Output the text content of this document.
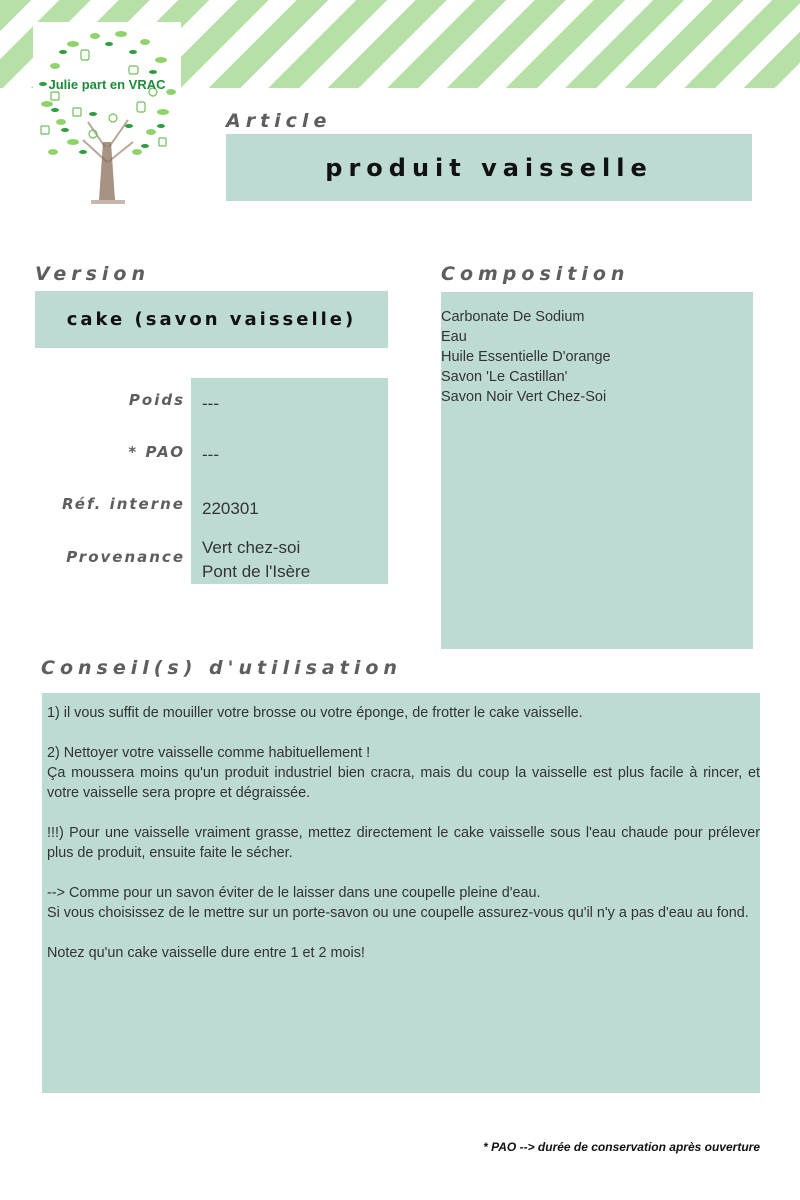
Julie part en VRAC
Article
produit vaisselle
Version
cake (savon vaisselle)
Poids ---
* PAO ---
Réf. interne 220301
Provenance Vert chez-soi
Pont de l'Isère
Composition
Carbonate De Sodium
Eau
Huile Essentielle D'orange
Savon 'Le Castillan'
Savon Noir Vert Chez-Soi
Conseil(s) d'utilisation

1) il vous suffit de mouiller votre brosse ou votre éponge, de frotter le cake vaisselle.

2) Nettoyer votre vaisselle comme habituellement !
Ça moussera moins qu'un produit industriel bien cracra, mais du coup la vaisselle est plus facile à rincer, et votre vaisselle sera propre et dégraissée.

!!!) Pour une vaisselle vraiment grasse, mettez directement le cake vaisselle sous l'eau chaude pour prélever plus de produit, ensuite faite le sécher.

--> Comme pour un savon éviter de le laisser dans une coupelle pleine d'eau.
Si vous choisissez de le mettre sur un porte-savon ou une coupelle assurez-vous qu'il n'y a pas d'eau au fond.

Notez qu'un cake vaisselle dure entre 1 et 2 mois!

* PAO --> durée de conservation après ouverture
